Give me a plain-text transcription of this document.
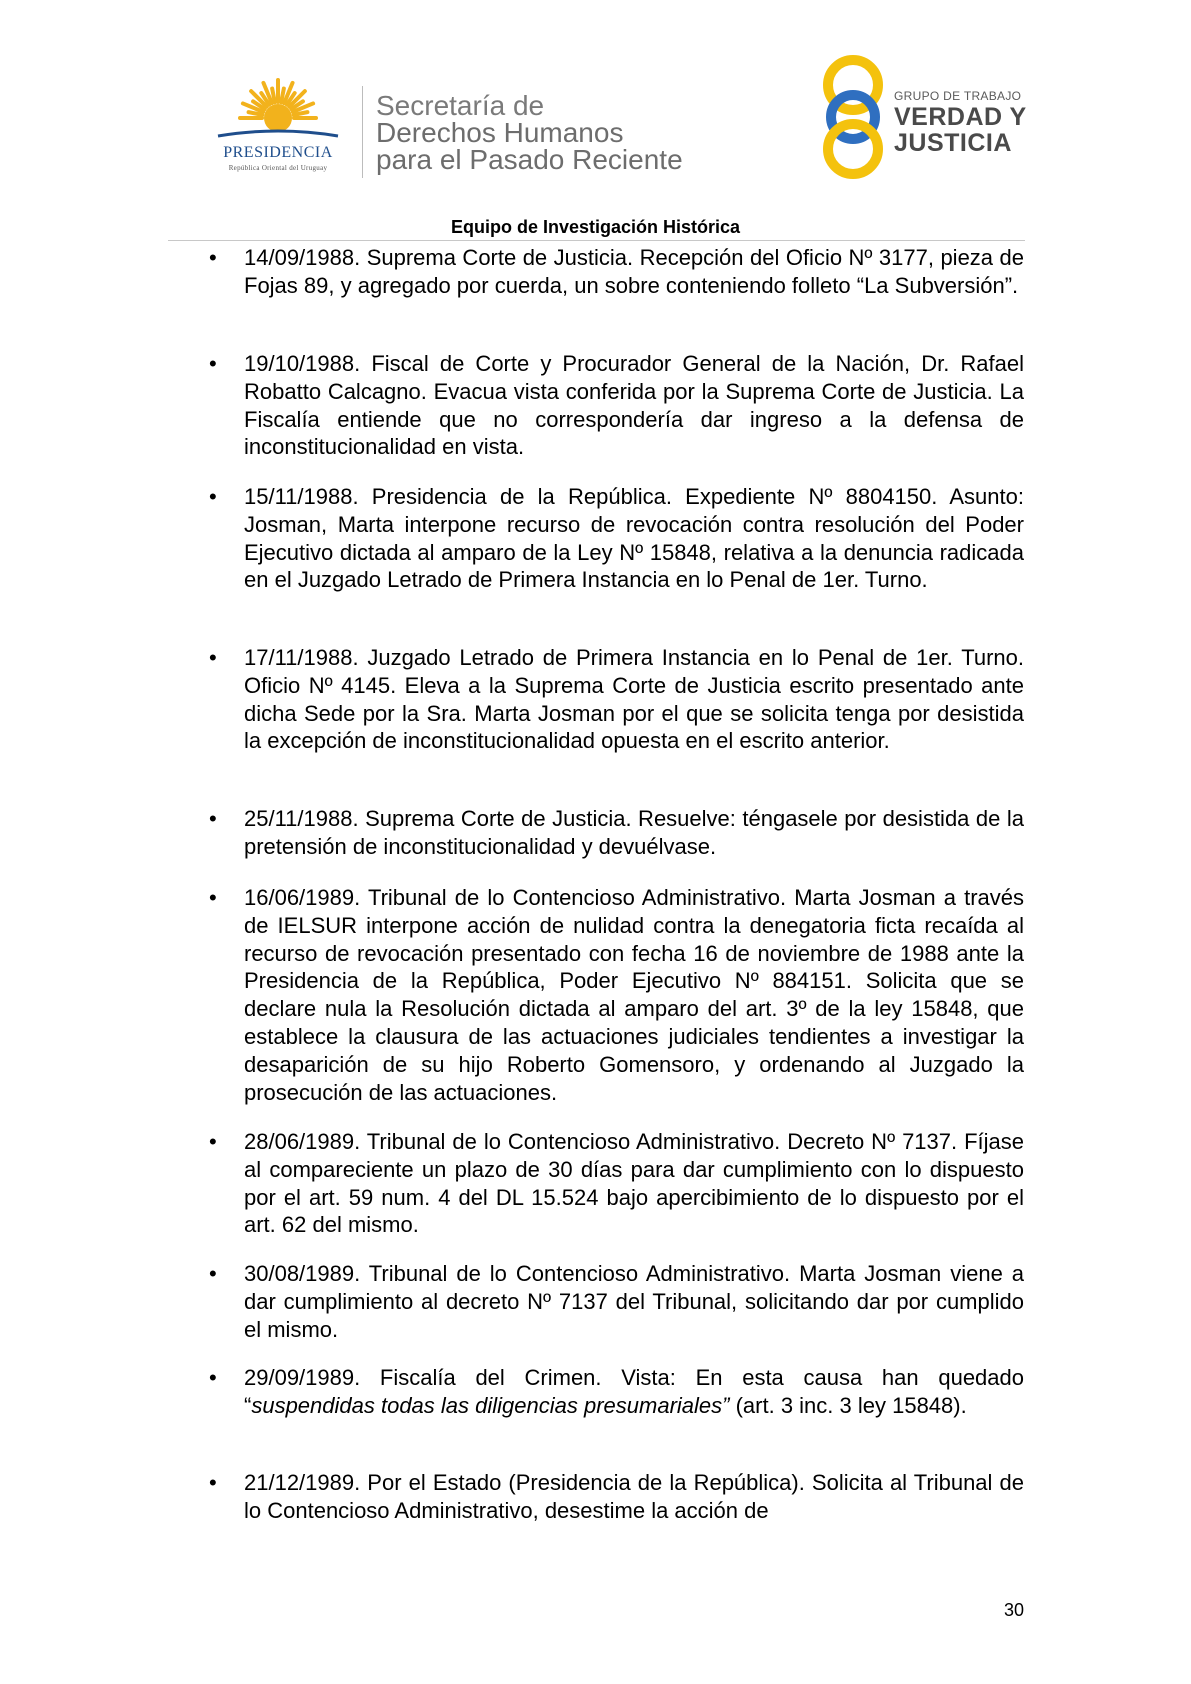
PRESIDENCIA
República Oriental del Uruguay
Secretaría de
Derechos Humanos
para el Pasado Reciente
GRUPO DE TRABAJO
VERDAD Y
JUSTICIA
Equipo de Investigación Histórica
• 14/09/1988. Suprema Corte de Justicia. Recepción del Oficio Nº 3177, pieza de Fojas 89, y agregado por cuerda, un sobre conteniendo folleto “La Subversión”.

• 19/10/1988. Fiscal de Corte y Procurador General de la Nación, Dr. Rafael Robatto Calcagno. Evacua vista conferida por la Suprema Corte de Justicia. La Fiscalía entiende que no correspondería dar ingreso a la defensa de inconstitucionalidad en vista.

• 15/11/1988. Presidencia de la República. Expediente Nº 8804150. Asunto: Josman, Marta interpone recurso de revocación contra resolución del Poder Ejecutivo dictada al amparo de la Ley Nº 15848, relativa a la denuncia radicada en el Juzgado Letrado de Primera Instancia en lo Penal de 1er. Turno.

• 17/11/1988. Juzgado Letrado de Primera Instancia en lo Penal de 1er. Turno. Oficio Nº 4145. Eleva a la Suprema Corte de Justicia escrito presentado ante dicha Sede por la Sra. Marta Josman por el que se solicita tenga por desistida la excepción de inconstitucionalidad opuesta en el escrito anterior.

• 25/11/1988. Suprema Corte de Justicia. Resuelve: téngasele por desistida de la pretensión de inconstitucionalidad y devuélvase.

• 16/06/1989. Tribunal de lo Contencioso Administrativo. Marta Josman a través de IELSUR interpone acción de nulidad contra la denegatoria ficta recaída al recurso de revocación presentado con fecha 16 de noviembre de 1988 ante la Presidencia de la República, Poder Ejecutivo Nº 884151. Solicita que se declare nula la Resolución dictada al amparo del art. 3º de la ley 15848, que establece la clausura de las actuaciones judiciales tendientes a investigar la desaparición de su hijo Roberto Gomensoro, y ordenando al Juzgado la prosecución de las actuaciones.

• 28/06/1989. Tribunal de lo Contencioso Administrativo. Decreto Nº 7137. Fíjase al compareciente un plazo de 30 días para dar cumplimiento con lo dispuesto por el art. 59 num. 4 del DL 15.524 bajo apercibimiento de lo dispuesto por el art. 62 del mismo.

• 30/08/1989. Tribunal de lo Contencioso Administrativo. Marta Josman viene a dar cumplimiento al decreto Nº 7137 del Tribunal, solicitando dar por cumplido el mismo.

• 29/09/1989. Fiscalía del Crimen. Vista: En esta causa han quedado “suspendidas todas las diligencias presumariales” (art. 3 inc. 3 ley 15848).

• 21/12/1989. Por el Estado (Presidencia de la República). Solicita al Tribunal de lo Contencioso Administrativo, desestime la acción de

30
